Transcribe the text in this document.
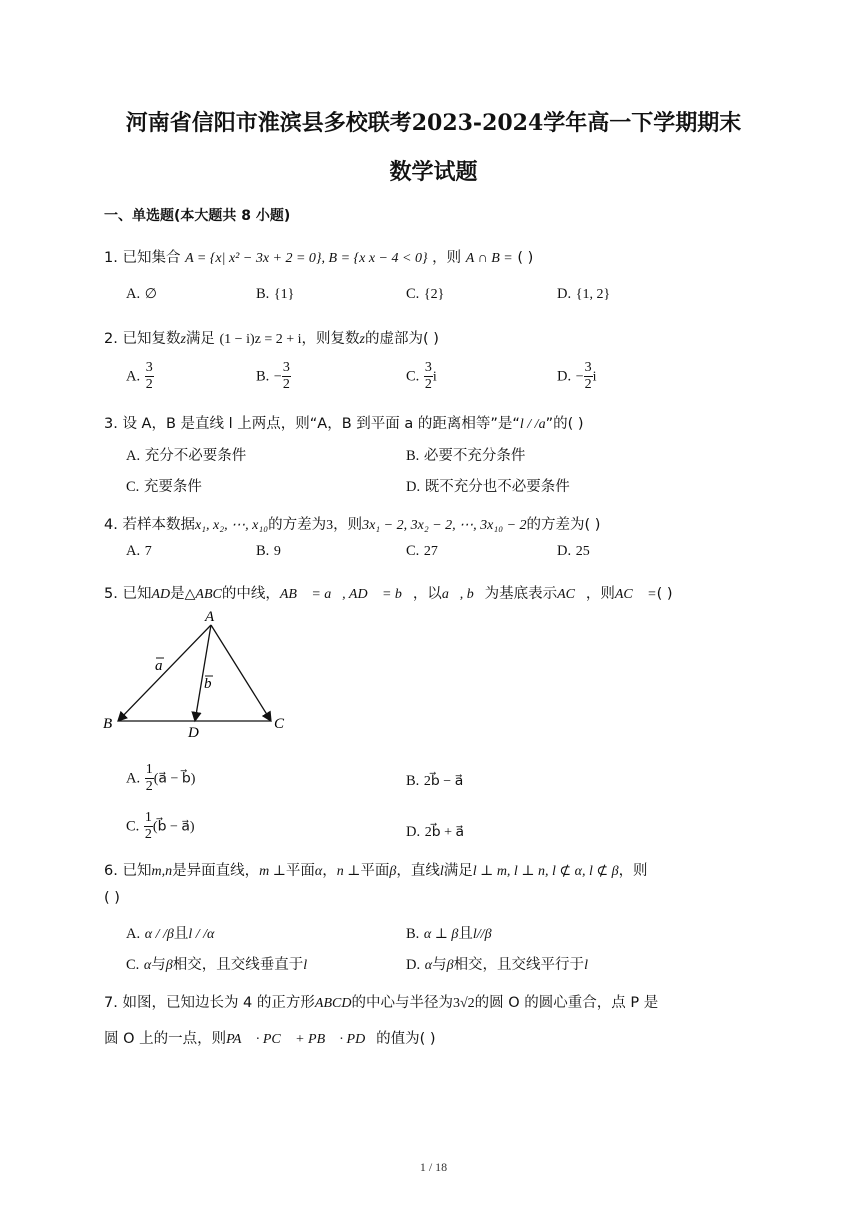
河南省信阳市淮滨县多校联考2023-2024学年高一下学期期末
数学试题
一、单选题(本大题共 8 小题)
1. 已知集合 A = {x| x² − 3x + 2 = 0}, B = {x x − 4 < 0} ，则 A ∩ B = ( )
A. ∅	B. {1}	C. {2}	D. {1, 2}
2. 已知复数z满足 (1 − i)z = 2 + i，则复数z的虚部为( )
A. $\frac{3}{2}$	B. − $\frac{3}{2}$	C. $\frac{3}{2}$ i	D. − $\frac{3}{2}$ i
3. 设 A，B 是直线 l 上两点，则“A，B 到平面 a 的距离相等”是“l / /a”的( )
A. 充分不必要条件	B. 必要不充分条件
C. 充要条件	D. 既不充分也不必要条件
4. 若样本数据x₁, x₂, ⋯, x₁₀的方差为3，则3x₁ − 2, 3x₂ − 2, ⋯, 3x₁₀ − 2的方差为( )
A. 7	B. 9	C. 27	D. 25
5. 已知AD是△ABC的中线，AB⃗ = a⃗, AD⃗ = b⃗，以a⃗, b⃗为基底表示AC⃗，则AC⃗ =( )
A
B	C
D
a
b
A. $\frac{1}{2}$ (a⃗ − b⃗)	B. 2b⃗ − a⃗
C. $\frac{1}{2}$ (b⃗ − a⃗)	D. 2b⃗ + a⃗
6. 已知m,n是异面直线，m ⊥平面α，n ⊥平面β，直线l满足l ⊥ m, l ⊥ n, l ⊄ α, l ⊄ β，则
( )
A. α / /β且l / /α	B. α ⊥ β且l//β
C. α与β相交，且交线垂直于l	D. α与β相交，且交线平行于l
7. 如图，已知边长为 4 的正方形ABCD的中心与半径为3√2的圆 O 的圆心重合，点 P 是
圆 O 上的一点，则PA⃗ · PC⃗ + PB⃗ · PD⃗的值为( )
1 / 18
